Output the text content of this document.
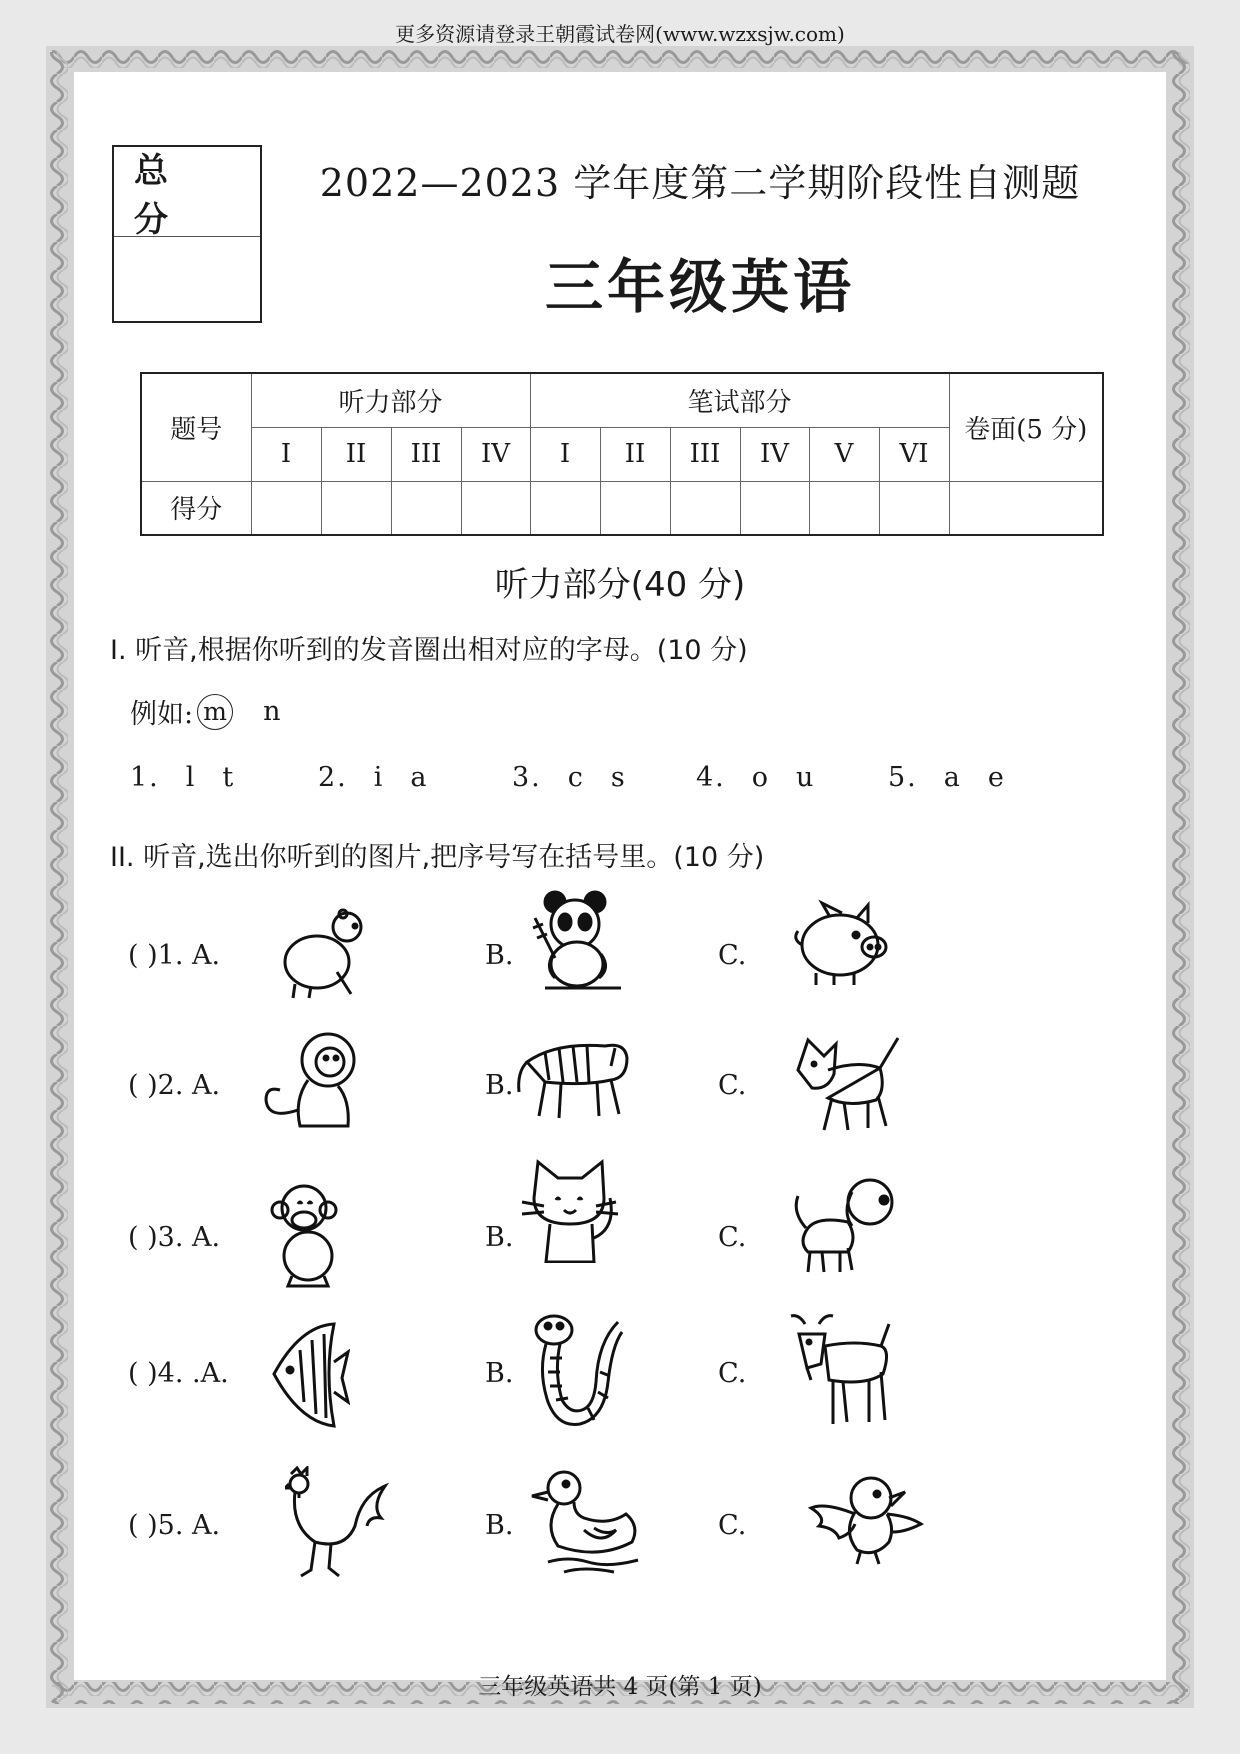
更多资源请登录王朝霞试卷网(www.wzxsjw.com)
总 分
2022—2023 学年度第二学期阶段性自测题
三年级英语
题号	听力部分				笔试部分						卷面(5 分)
	I	II	III	IV	I	II	III	IV	V	VI	
得分											
听力部分(40 分)
I. 听音,根据你听到的发音圈出相对应的字母。(10 分)
例如: m n
1. l t	2. i a	3. c s	4. o u	5. a e
II. 听音,选出你听到的图片,把序号写在括号里。(10 分)
( )1. A.	B.	C.
( )2. A.	B.	C.
( )3. A.	B.	C.
( )4. .A.	B.	C.
( )5. A.	B.	C.
三年级英语共 4 页(第 1 页)
